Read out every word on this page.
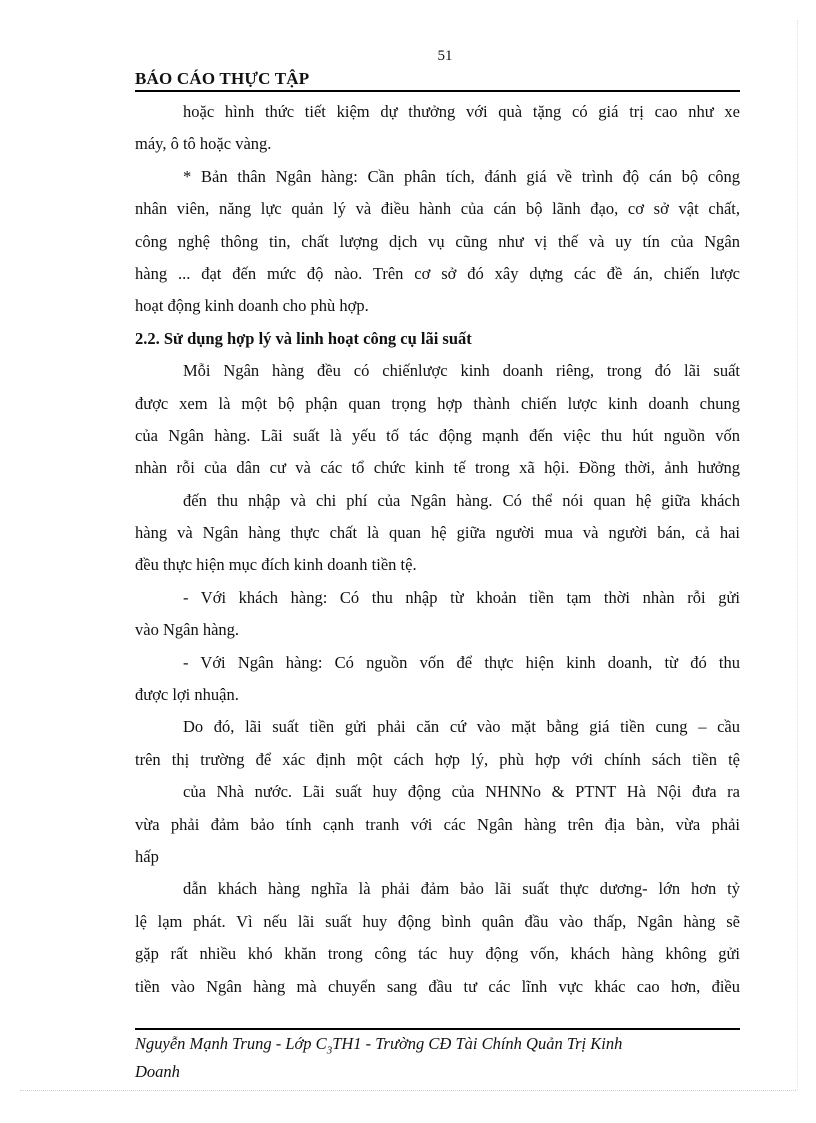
51
BÁO CÁO THỰC TẬP
hoặc hình thức tiết kiệm dự thưởng với quà tặng có giá trị cao như xe
máy, ô tô hoặc vàng.
* Bản thân Ngân hàng: Cần phân tích, đánh giá về trình độ cán bộ công
nhân viên, năng lực quản lý và điều hành của cán bộ lãnh đạo, cơ sở vật chất,
công nghệ thông tin, chất lượng dịch vụ cũng như vị thế và uy tín của Ngân
hàng ... đạt đến mức độ nào. Trên cơ sở đó xây dựng các đề án, chiến lược
hoạt động kinh doanh cho phù hợp.
2.2. Sử dụng hợp lý và linh hoạt công cụ lãi suất
Mỗi Ngân hàng đều có chiếnlược kinh doanh riêng, trong đó lãi suất
được xem là một bộ phận quan trọng hợp thành chiến lược kinh doanh chung
của Ngân hàng. Lãi suất là yếu tố tác động mạnh đến việc thu hút nguồn vốn
nhàn rỗi của dân cư và các tổ chức kinh tế trong xã hội. Đồng thời, ảnh hưởng
đến thu nhập và chi phí của Ngân hàng. Có thể nói quan hệ giữa khách
hàng và Ngân hàng thực chất là quan hệ giữa người mua và người bán, cả hai
đều thực hiện mục đích kinh doanh tiền tệ.
- Với khách hàng: Có thu nhập từ khoản tiền tạm thời nhàn rỗi gửi
vào Ngân hàng.
- Với Ngân hàng: Có nguồn vốn để thực hiện kinh doanh, từ đó thu
được lợi nhuận.
Do đó, lãi suất tiền gửi phải căn cứ vào mặt bằng giá tiền cung – cầu
trên thị trường để xác định một cách hợp lý, phù hợp với chính sách tiền tệ
của Nhà nước. Lãi suất huy động của NHNNo & PTNT Hà Nội đưa ra
vừa phải đảm bảo tính cạnh tranh với các Ngân hàng trên địa bàn, vừa phải
hấp
dẫn khách hàng nghĩa là phải đảm bảo lãi suất thực dương- lớn hơn tỷ
lệ lạm phát. Vì nếu lãi suất huy động bình quân đầu vào thấp, Ngân hàng sẽ
gặp rất nhiều khó khăn trong công tác huy động vốn, khách hàng không gửi
tiền vào Ngân hàng mà chuyển sang đầu tư các lĩnh vực khác cao hơn, điều
Nguyễn Mạnh Trung - Lớp $C_3TH1$ - Trường CĐ Tài Chính Quản Trị Kinh
Doanh
